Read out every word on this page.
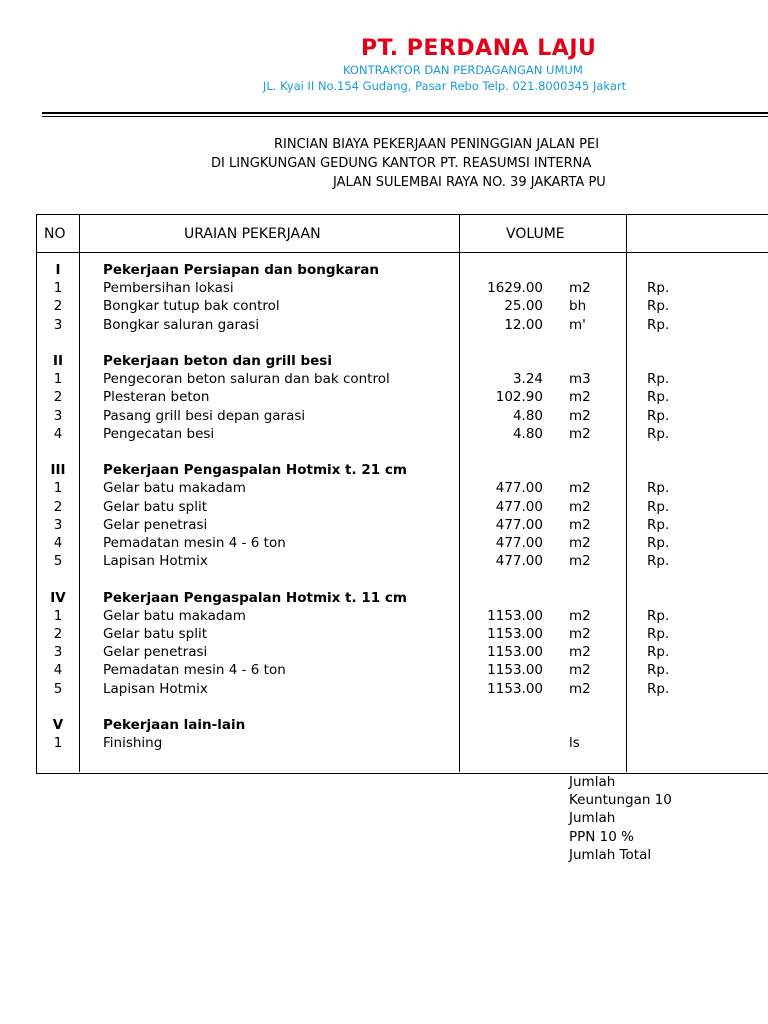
PT. PERDANA LAJU
KONTRAKTOR DAN PERDAGANGAN UMUM
JL. Kyai II No.154 Gudang, Pasar Rebo Telp. 021.8000345 Jakart
RINCIAN BIAYA PEKERJAAN PENINGGIAN JALAN PEI
DI LINGKUNGAN GEDUNG KANTOR PT. REASUMSI INTERNA
JALAN SULEMBAI RAYA NO. 39 JAKARTA PU
NO	URAIAN PEKERJAAN	VOLUME
I	Pekerjaan Persiapan dan bongkaran
1	Pembersihan lokasi	1629.00 m2	Rp.
2	Bongkar tutup bak control	25.00 bh	Rp.
3	Bongkar saluran garasi	12.00 m'	Rp.
II	Pekerjaan beton dan grill besi
1	Pengecoran beton saluran dan bak control	3.24 m3	Rp.
2	Plesteran beton	102.90 m2	Rp.
3	Pasang grill besi depan garasi	4.80 m2	Rp.
4	Pengecatan besi	4.80 m2	Rp.
III	Pekerjaan Pengaspalan Hotmix t. 21 cm
1	Gelar batu makadam	477.00 m2	Rp.
2	Gelar batu split	477.00 m2	Rp.
3	Gelar penetrasi	477.00 m2	Rp.
4	Pemadatan mesin 4 - 6 ton	477.00 m2	Rp.
5	Lapisan Hotmix	477.00 m2	Rp.
IV	Pekerjaan Pengaspalan Hotmix t. 11 cm
1	Gelar batu makadam	1153.00 m2	Rp.
2	Gelar batu split	1153.00 m2	Rp.
3	Gelar penetrasi	1153.00 m2	Rp.
4	Pemadatan mesin 4 - 6 ton	1153.00 m2	Rp.
5	Lapisan Hotmix	1153.00 m2	Rp.
V	Pekerjaan lain-lain
1	Finishing	ls
Jumlah
Keuntungan 10
Jumlah
PPN 10 %
Jumlah Total
